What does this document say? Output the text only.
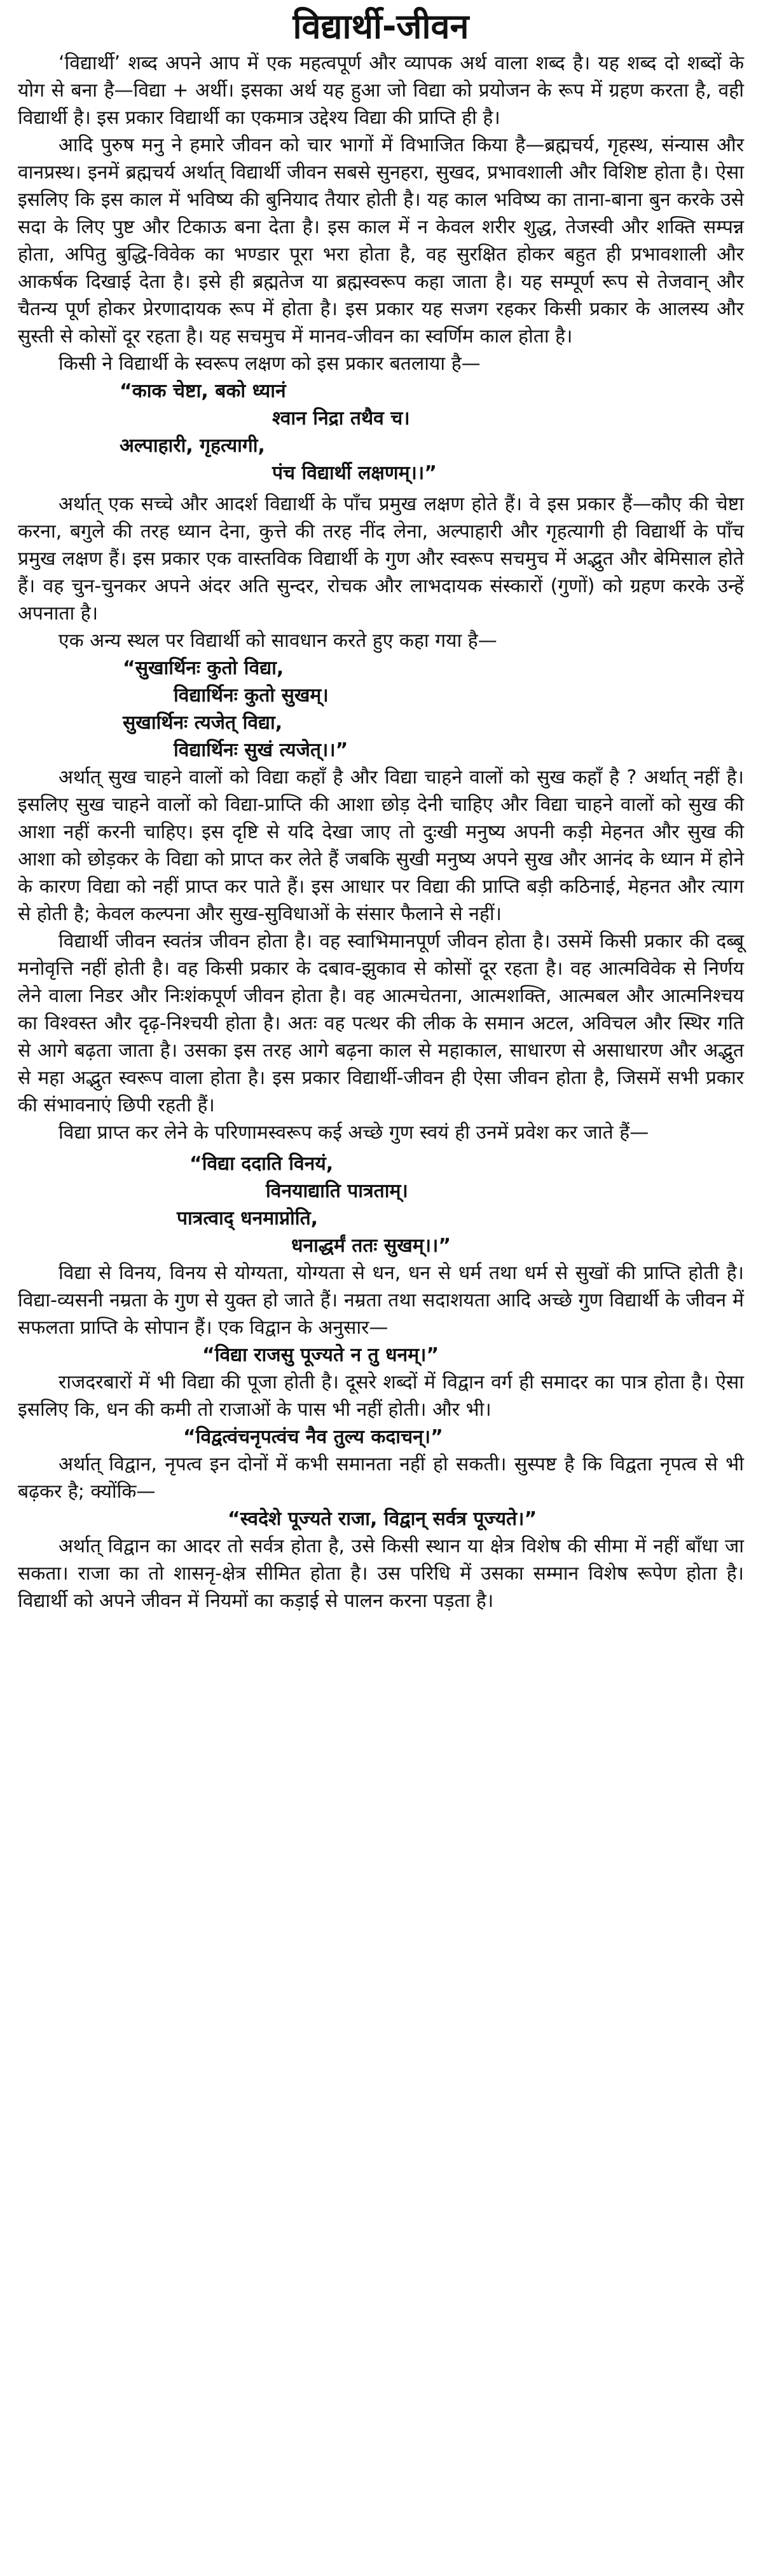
विद्यार्थी-जीवन

‘विद्यार्थी’ शब्द अपने आप में एक महत्वपूर्ण और व्यापक अर्थ वाला शब्द है। यह शब्द दो शब्दों के योग से बना है—विद्या + अर्थी। इसका अर्थ यह हुआ जो विद्या को प्रयोजन के रूप में ग्रहण करता है, वही विद्यार्थी है। इस प्रकार विद्यार्थी का एकमात्र उद्देश्य विद्या की प्राप्ति ही है।

आदि पुरुष मनु ने हमारे जीवन को चार भागों में विभाजित किया है—ब्रह्मचर्य, गृहस्थ, संन्यास और वानप्रस्थ। इनमें ब्रह्मचर्य अर्थात् विद्यार्थी जीवन सबसे सुनहरा, सुखद, प्रभावशाली और विशिष्ट होता है। ऐसा इसलिए कि इस काल में भविष्य की बुनियाद तैयार होती है। यह काल भविष्य का ताना-बाना बुन करके उसे सदा के लिए पुष्ट और टिकाऊ बना देता है। इस काल में न केवल शरीर शुद्ध, तेजस्वी और शक्ति सम्पन्न होता, अपितु बुद्धि-विवेक का भण्डार पूरा भरा होता है, वह सुरक्षित होकर बहुत ही प्रभावशाली और आकर्षक दिखाई देता है। इसे ही ब्रह्मतेज या ब्रह्मस्वरूप कहा जाता है। यह सम्पूर्ण रूप से तेजवान् और चैतन्य पूर्ण होकर प्रेरणादायक रूप में होता है। इस प्रकार यह सजग रहकर किसी प्रकार के आलस्य और सुस्ती से कोसों दूर रहता है। यह सचमुच में मानव-जीवन का स्वर्णिम काल होता है।

किसी ने विद्यार्थी के स्वरूप लक्षण को इस प्रकार बतलाया है—

“काक चेष्टा, बको ध्यानं
श्वान निद्रा तथैव च।
अल्पाहारी, गृहत्यागी,
पंच विद्यार्थी लक्षणम्।।”

अर्थात् एक सच्चे और आदर्श विद्यार्थी के पाँच प्रमुख लक्षण होते हैं। वे इस प्रकार हैं—कौए की चेष्टा करना, बगुले की तरह ध्यान देना, कुत्ते की तरह नींद लेना, अल्पाहारी और गृहत्यागी ही विद्यार्थी के पाँच प्रमुख लक्षण हैं। इस प्रकार एक वास्तविक विद्यार्थी के गुण और स्वरूप सचमुच में अद्भुत और बेमिसाल होते हैं। वह चुन-चुनकर अपने अंदर अति सुन्दर, रोचक और लाभदायक संस्कारों (गुणों) को ग्रहण करके उन्हें अपनाता है।

एक अन्य स्थल पर विद्यार्थी को सावधान करते हुए कहा गया है—

“सुखार्थिनः कुतो विद्या,
विद्यार्थिनः कुतो सुखम्।
सुखार्थिनः त्यजेत् विद्या,
विद्यार्थिनः सुखं त्यजेत्।।”

अर्थात् सुख चाहने वालों को विद्या कहाँ है और विद्या चाहने वालों को सुख कहाँ है ? अर्थात् नहीं है। इसलिए सुख चाहने वालों को विद्या-प्राप्ति की आशा छोड़ देनी चाहिए और विद्या चाहने वालों को सुख की आशा नहीं करनी चाहिए। इस दृष्टि से यदि देखा जाए तो दुःखी मनुष्य अपनी कड़ी मेहनत और सुख की आशा को छोड़कर के विद्या को प्राप्त कर लेते हैं जबकि सुखी मनुष्य अपने सुख और आनंद के ध्यान में होने के कारण विद्या को नहीं प्राप्त कर पाते हैं। इस आधार पर विद्या की प्राप्ति बड़ी कठिनाई, मेहनत और त्याग से होती है; केवल कल्पना और सुख-सुविधाओं के संसार फैलाने से नहीं।

विद्यार्थी जीवन स्वतंत्र जीवन होता है। वह स्वाभिमानपूर्ण जीवन होता है। उसमें किसी प्रकार की दब्बू मनोवृत्ति नहीं होती है। वह किसी प्रकार के दबाव-झुकाव से कोसों दूर रहता है। वह आत्मविवेक से निर्णय लेने वाला निडर और निःशंकपूर्ण जीवन होता है। वह आत्मचेतना, आत्मशक्ति, आत्मबल और आत्मनिश्चय का विश्वस्त और दृढ़-निश्चयी होता है। अतः वह पत्थर की लीक के समान अटल, अविचल और स्थिर गति से आगे बढ़ता जाता है। उसका इस तरह आगे बढ़ना काल से महाकाल, साधारण से असाधारण और अद्भुत से महा अद्भुत स्वरूप वाला होता है। इस प्रकार विद्यार्थी-जीवन ही ऐसा जीवन होता है, जिसमें सभी प्रकार की संभावनाएं छिपी रहती हैं।

विद्या प्राप्त कर लेने के परिणामस्वरूप कई अच्छे गुण स्वयं ही उनमें प्रवेश कर जाते हैं—

“विद्या ददाति विनयं,
विनयाद्याति पात्रताम्।
पात्रत्वाद् धनमाप्नोति,
धनाद्धर्मं ततः सुखम्।।”

विद्या से विनय, विनय से योग्यता, योग्यता से धन, धन से धर्म तथा धर्म से सुखों की प्राप्ति होती है। विद्या-व्यसनी नम्रता के गुण से युक्त हो जाते हैं। नम्रता तथा सदाशयता आदि अच्छे गुण विद्यार्थी के जीवन में सफलता प्राप्ति के सोपान हैं। एक विद्वान के अनुसार—

“विद्या राजसु पूज्यते न तु धनम्।”

राजदरबारों में भी विद्या की पूजा होती है। दूसरे शब्दों में विद्वान वर्ग ही समादर का पात्र होता है। ऐसा इसलिए कि, धन की कमी तो राजाओं के पास भी नहीं होती। और भी।

“विद्वत्वंचनृपत्वंच नैव तुल्य कदाचन्।”

अर्थात् विद्वान, नृपत्व इन दोनों में कभी समानता नहीं हो सकती। सुस्पष्ट है कि विद्वता नृपत्व से भी बढ़कर है; क्योंकि—

“स्वदेशे पूज्यते राजा, विद्वान् सर्वत्र पूज्यते।”

अर्थात् विद्वान का आदर तो सर्वत्र होता है, उसे किसी स्थान या क्षेत्र विशेष की सीमा में नहीं बाँधा जा सकता। राजा का तो शासनृ-क्षेत्र सीमित होता है। उस परिधि में उसका सम्मान विशेष रूपेण होता है। विद्यार्थी को अपने जीवन में नियमों का कड़ाई से पालन करना पड़ता है।
